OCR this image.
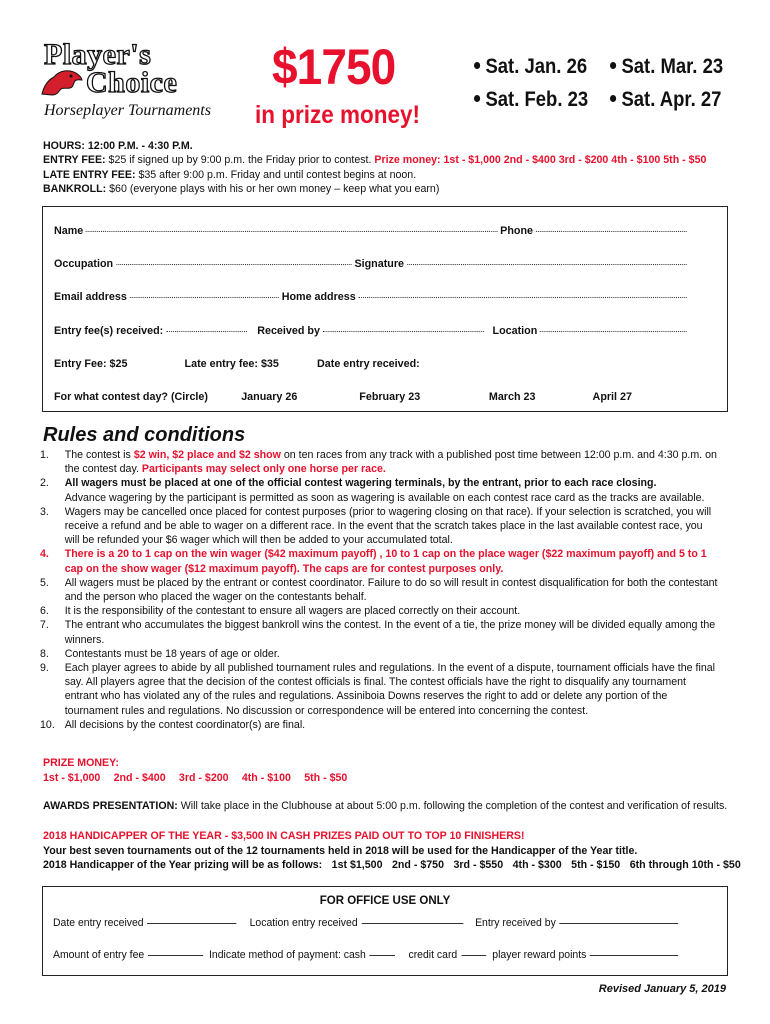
Player's
Choice
Horseplayer Tournaments
$1750
in prize money!
Sat. Jan. 26
Sat. Feb. 23
Sat. Mar. 23
Sat. Apr. 27
HOURS: 12:00 P.M. - 4:30 P.M.
ENTRY FEE: $25 if signed up by 9:00 p.m. the Friday prior to contest. Prize money: 1st - $1,000 2nd - $400 3rd - $200 4th - $100 5th - $50
LATE ENTRY FEE: $35 after 9:00 p.m. Friday and until contest begins at noon.
BANKROLL: $60 (everyone plays with his or her own money – keep what you earn)
Name	Phone
Occupation	Signature
Email address	Home address
Entry fee(s) received:	Received by	Location
Entry Fee: $25	Late entry fee: $35	Date entry received:
For what contest day? (Circle)	January 26	February 23	March 23	April 27
Rules and conditions
1. The contest is $2 win, $2 place and $2 show on ten races from any track with a published post time between 12:00 p.m. and 4:30 p.m. on the contest day. Participants may select only one horse per race.
2. All wagers must be placed at one of the official contest wagering terminals, by the entrant, prior to each race closing.
Advance wagering by the participant is permitted as soon as wagering is available on each contest race card as the tracks are available.
3. Wagers may be cancelled once placed for contest purposes (prior to wagering closing on that race). If your selection is scratched, you will receive a refund and be able to wager on a different race. In the event that the scratch takes place in the last available contest race, you will be refunded your $6 wager which will then be added to your accumulated total.
4. There is a 20 to 1 cap on the win wager ($42 maximum payoff) , 10 to 1 cap on the place wager ($22 maximum payoff) and 5 to 1 cap on the show wager ($12 maximum payoff). The caps are for contest purposes only.
5. All wagers must be placed by the entrant or contest coordinator. Failure to do so will result in contest disqualification for both the contestant and the person who placed the wager on the contestants behalf.
6. It is the responsibility of the contestant to ensure all wagers are placed correctly on their account.
7. The entrant who accumulates the biggest bankroll wins the contest. In the event of a tie, the prize money will be divided equally among the winners.
8. Contestants must be 18 years of age or older.
9. Each player agrees to abide by all published tournament rules and regulations. In the event of a dispute, tournament officials have the final say. All players agree that the decision of the contest officials is final. The contest officials have the right to disqualify any tournament entrant who has violated any of the rules and regulations. Assiniboia Downs reserves the right to add or delete any portion of the tournament rules and regulations. No discussion or correspondence will be entered into concerning the contest.
10. All decisions by the contest coordinator(s) are final.
PRIZE MONEY:
1st - $1,000 2nd - $400 3rd - $200 4th - $100 5th - $50
AWARDS PRESENTATION: Will take place in the Clubhouse at about 5:00 p.m. following the completion of the contest and verification of results.
2018 HANDICAPPER OF THE YEAR - $3,500 IN CASH PRIZES PAID OUT TO TOP 10 FINISHERS!
Your best seven tournaments out of the 12 tournaments held in 2018 will be used for the Handicapper of the Year title.
2018 Handicapper of the Year prizing will be as follows: 1st $1,500 2nd - $750 3rd - $550 4th - $300 5th - $150 6th through 10th - $50
FOR OFFICE USE ONLY
Date entry received	Location entry received	Entry received by
Amount of entry fee	Indicate method of payment: cash	credit card	player reward points
Revised January 5, 2019
